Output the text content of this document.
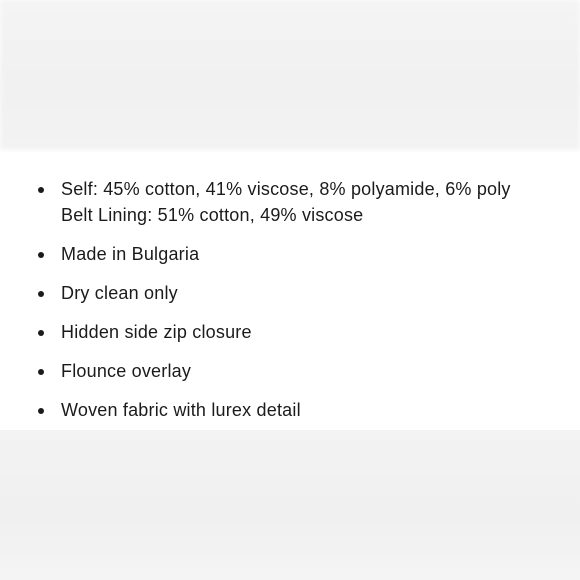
Self: 45% cotton, 41% viscose, 8% polyamide, 6% poly
Belt Lining: 51% cotton, 49% viscose
Made in Bulgaria
Dry clean only
Hidden side zip closure
Flounce overlay
Woven fabric with lurex detail
